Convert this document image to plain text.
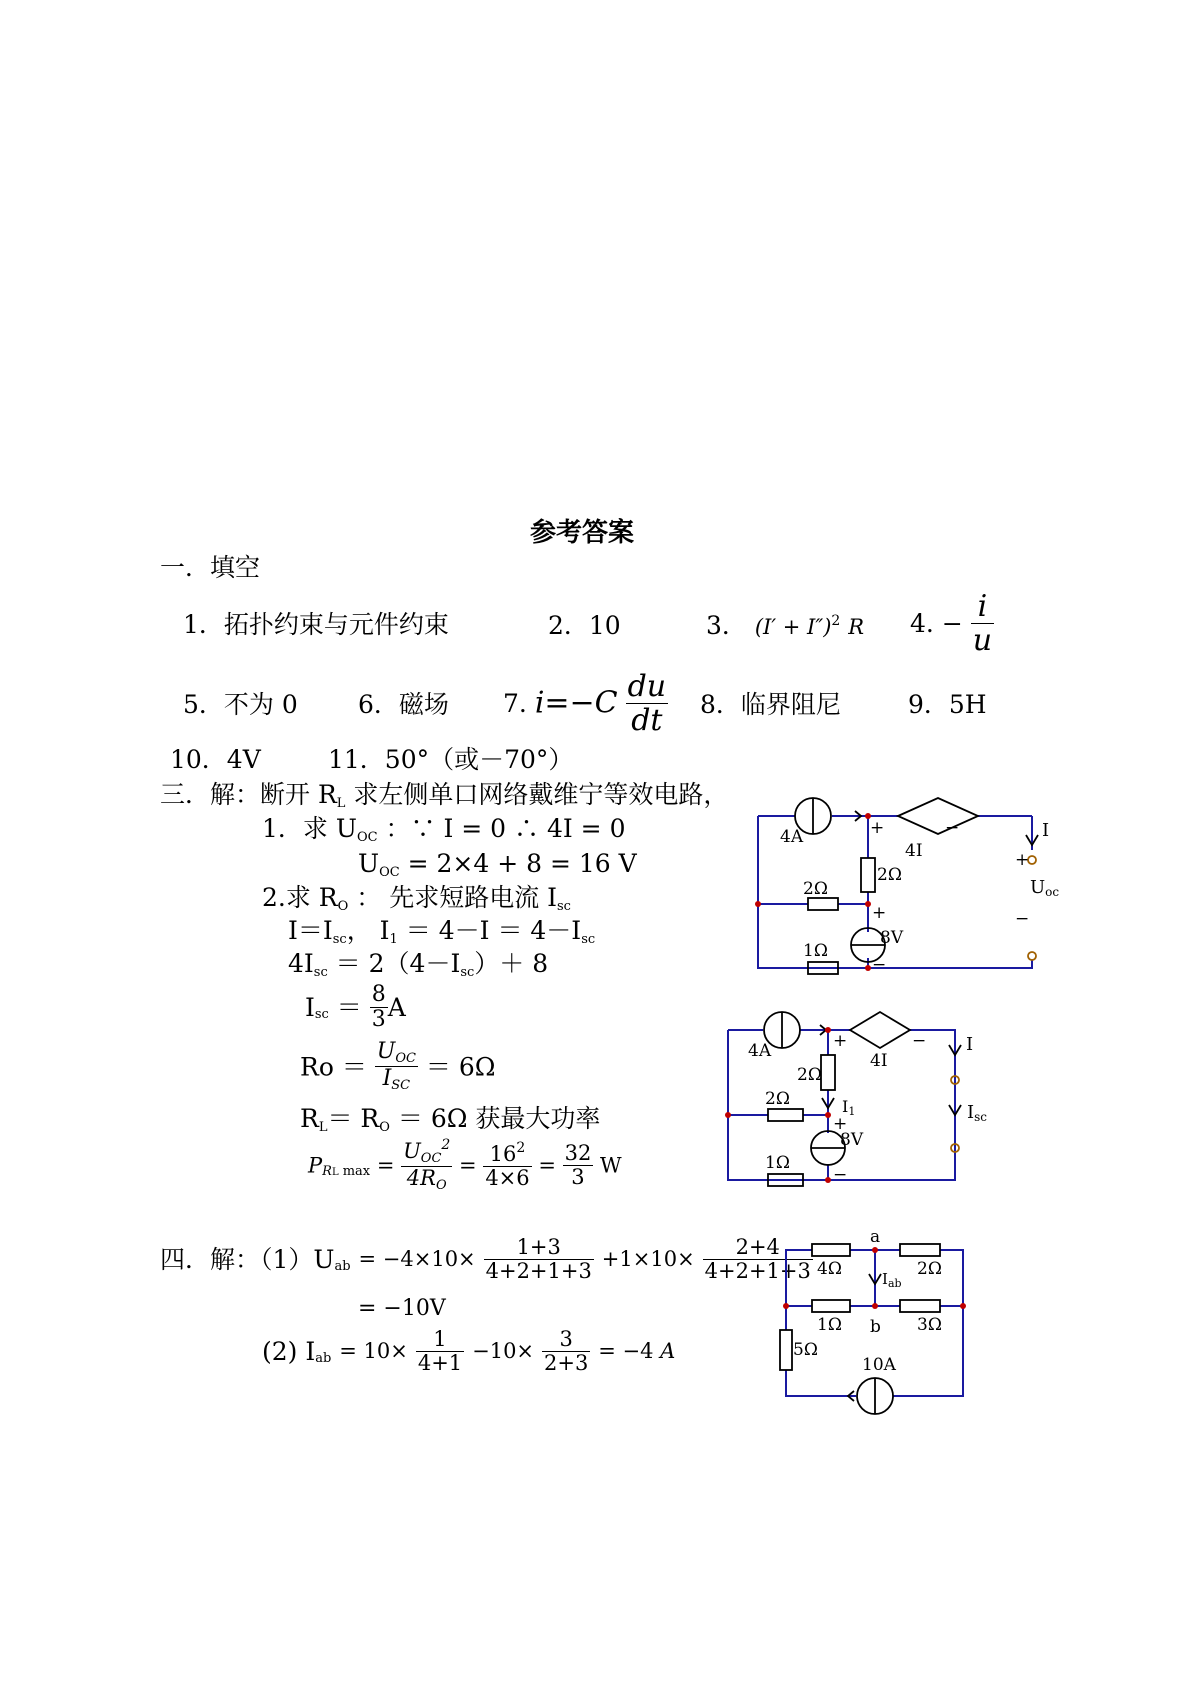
参考答案
一．填空
1．拓扑约束与元件约束	2．10	3． $(I' + I'')^2$ R 4. − $\frac{i}{u}$
5．不为 0 6．磁场 7. $i=-C \frac{du}{dt} 8$．临界阻尼	9．5H
10．4V	11．50°（或－70°）
三．解：断开 $R_L$ 求左侧单口网络戴维宁等效电路，
1．求 $U_{OC}$ ：∵ I = 0 ∴ 4I = 0
$U_{OC} = 2\times 4 + 8 = 16$ V
2.求 $R_O$ ： 先求短路电流 $I_{sc}$
$I=I_{sc}$， $I_1 = 4-I = 4-I_{sc}$
$4I_{sc} = 2(4-I_{sc})+ 8$
$I_{sc} = \frac{8}{3}$ A
$Ro = \frac{U_{OC}}{I_{SC}} = 6\Omega$
$R_L= R_O = 6\Omega$ 获最大功率
$P_{RL max} = \frac{U_{OC}^2}{4R_O} = \frac{16^2}{4\times 6} = \frac{32}{3}$ W
四．解：$(1)U_{ab} = -4\times 10\times \frac{1+3}{4+2+1+3} +1\times 10\times \frac{2+4}{4+2+1+3}$
= −10V
(2) $I_{ab} = 10\times \frac{1}{4+1} -10\times \frac{3}{2+3} = -4$ A
4A
4I
+	−
2Ω
2Ω
1Ω
8V
+
−
I
+
−
Uoc
4A	4I
+	−
2Ω
2Ω
1Ω
8V
+
−
I
I1	Isc
a
b
4Ω	2Ω
1Ω	3Ω
5Ω
10A
$I_{ab}$
